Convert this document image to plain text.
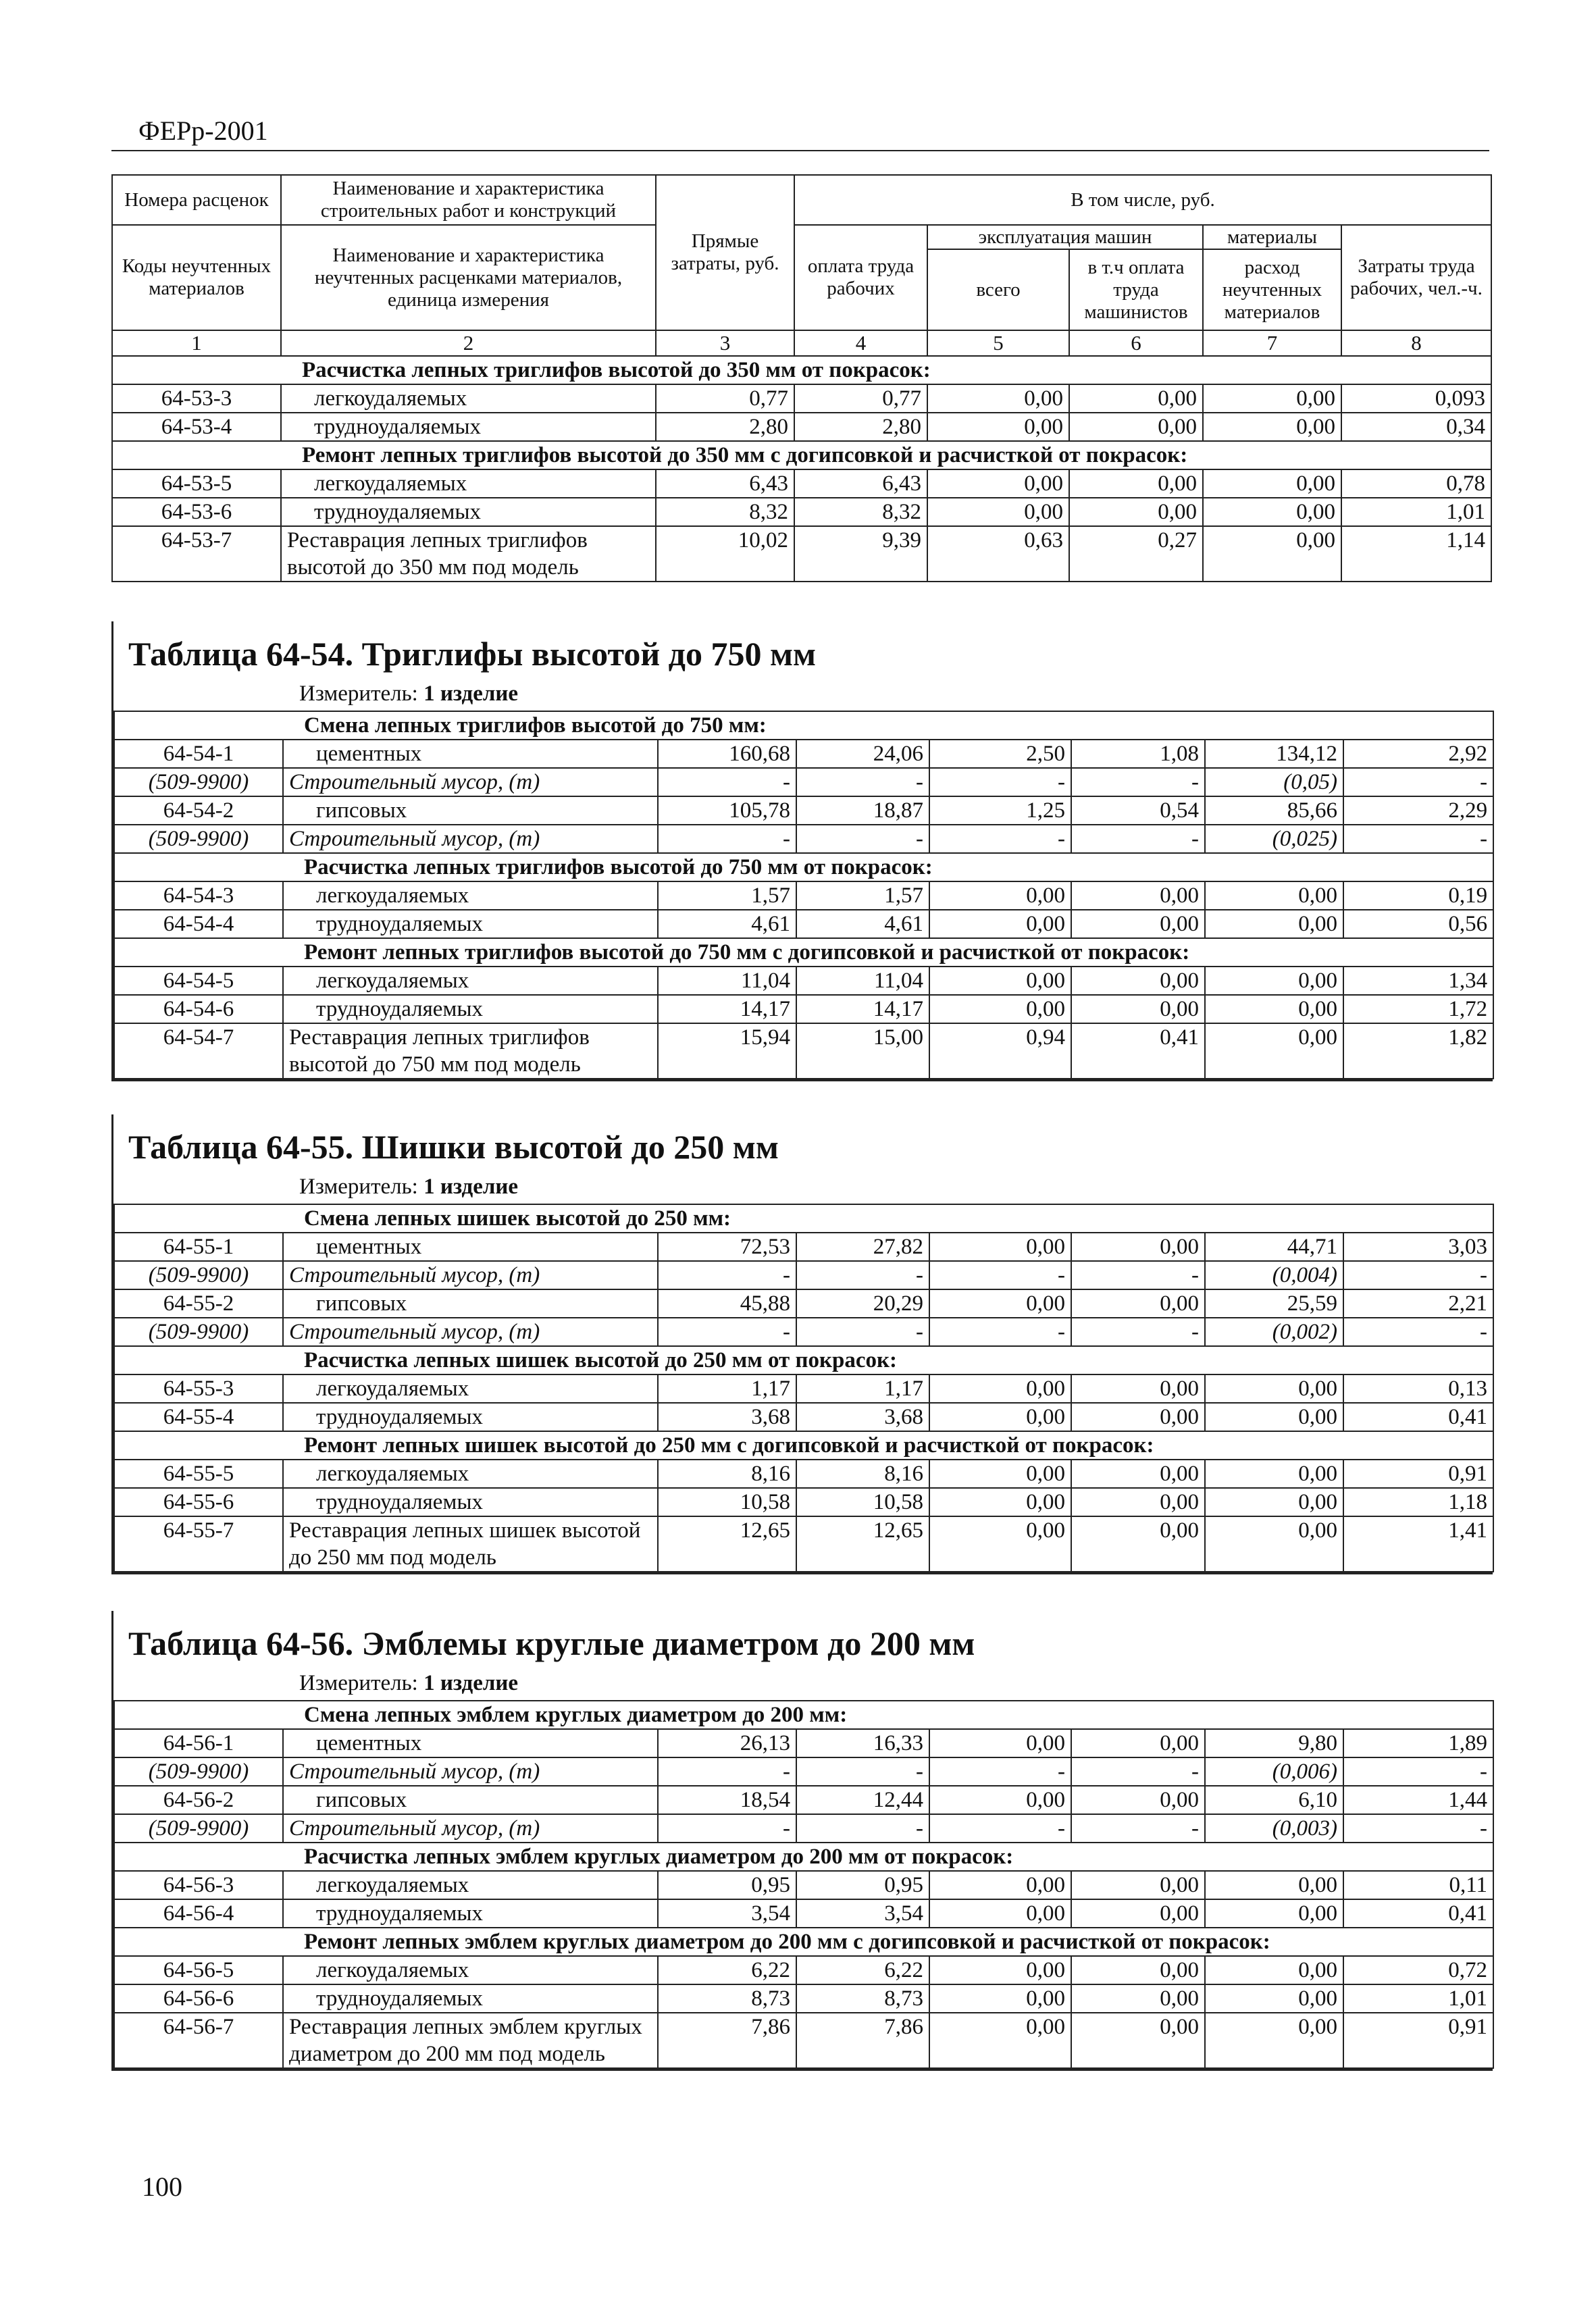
ФЕРр-2001
Номера расценок	Наименование и характеристика строительных работ и конструкций	Прямые затраты, руб.	В том числе, руб.				
Коды неучтенных материалов	Наименование и характеристика неучтенных расценками материалов, единица измерения		оплата труда рабочих	эксплуатация машин		материалы	Затраты труда рабочих, чел.-ч.
				всего	в т.ч оплата труда машинистов	расход неучтенных материалов	
1	2	3	4	5	6	7	8
Расчистка лепных триглифов высотой до 350 мм от покрасок:							
64-53-3	легкоудаляемых	0,77	0,77	0,00	0,00	0,00	0,093
64-53-4	трудноудаляемых	2,80	2,80	0,00	0,00	0,00	0,34
Ремонт лепных триглифов высотой до 350 мм с догипсовкой и расчисткой от покрасок:							
64-53-5	легкоудаляемых	6,43	6,43	0,00	0,00	0,00	0,78
64-53-6	трудноудаляемых	8,32	8,32	0,00	0,00	0,00	1,01
64-53-7	Реставрация лепных триглифов высотой до 350 мм под модель	10,02	9,39	0,63	0,27	0,00	1,14
Таблица 64-54. Триглифы высотой до 750 мм
Измеритель: 1 изделие
Смена лепных триглифов высотой до 750 мм:							
64-54-1	цементных	160,68	24,06	2,50	1,08	134,12	2,92
(509-9900)	Строительный мусор, (т)	-	-	-	-	(0,05)	-
64-54-2	гипсовых	105,78	18,87	1,25	0,54	85,66	2,29
(509-9900)	Строительный мусор, (т)	-	-	-	-	(0,025)	-
Расчистка лепных триглифов высотой до 750 мм от покрасок:							
64-54-3	легкоудаляемых	1,57	1,57	0,00	0,00	0,00	0,19
64-54-4	трудноудаляемых	4,61	4,61	0,00	0,00	0,00	0,56
Ремонт лепных триглифов высотой до 750 мм с догипсовкой и расчисткой от покрасок:							
64-54-5	легкоудаляемых	11,04	11,04	0,00	0,00	0,00	1,34
64-54-6	трудноудаляемых	14,17	14,17	0,00	0,00	0,00	1,72
64-54-7	Реставрация лепных триглифов высотой до 750 мм под модель	15,94	15,00	0,94	0,41	0,00	1,82
Таблица 64-55. Шишки высотой до 250 мм
Измеритель: 1 изделие
Смена лепных шишек высотой до 250 мм:							
64-55-1	цементных	72,53	27,82	0,00	0,00	44,71	3,03
(509-9900)	Строительный мусор, (т)	-	-	-	-	(0,004)	-
64-55-2	гипсовых	45,88	20,29	0,00	0,00	25,59	2,21
(509-9900)	Строительный мусор, (т)	-	-	-	-	(0,002)	-
Расчистка лепных шишек высотой до 250 мм от покрасок:							
64-55-3	легкоудаляемых	1,17	1,17	0,00	0,00	0,00	0,13
64-55-4	трудноудаляемых	3,68	3,68	0,00	0,00	0,00	0,41
Ремонт лепных шишек высотой до 250 мм с догипсовкой и расчисткой от покрасок:							
64-55-5	легкоудаляемых	8,16	8,16	0,00	0,00	0,00	0,91
64-55-6	трудноудаляемых	10,58	10,58	0,00	0,00	0,00	1,18
64-55-7	Реставрация лепных шишек высотой до 250 мм под модель	12,65	12,65	0,00	0,00	0,00	1,41
Таблица 64-56. Эмблемы круглые диаметром до 200 мм
Измеритель: 1 изделие
Смена лепных эмблем круглых диаметром до 200 мм:							
64-56-1	цементных	26,13	16,33	0,00	0,00	9,80	1,89
(509-9900)	Строительный мусор, (т)	-	-	-	-	(0,006)	-
64-56-2	гипсовых	18,54	12,44	0,00	0,00	6,10	1,44
(509-9900)	Строительный мусор, (т)	-	-	-	-	(0,003)	-
Расчистка лепных эмблем круглых диаметром до 200 мм от покрасок:							
64-56-3	легкоудаляемых	0,95	0,95	0,00	0,00	0,00	0,11
64-56-4	трудноудаляемых	3,54	3,54	0,00	0,00	0,00	0,41
Ремонт лепных эмблем круглых диаметром до 200 мм с догипсовкой и расчисткой от покрасок:							
64-56-5	легкоудаляемых	6,22	6,22	0,00	0,00	0,00	0,72
64-56-6	трудноудаляемых	8,73	8,73	0,00	0,00	0,00	1,01
64-56-7	Реставрация лепных эмблем круглых диаметром до 200 мм под модель	7,86	7,86	0,00	0,00	0,00	0,91
100
